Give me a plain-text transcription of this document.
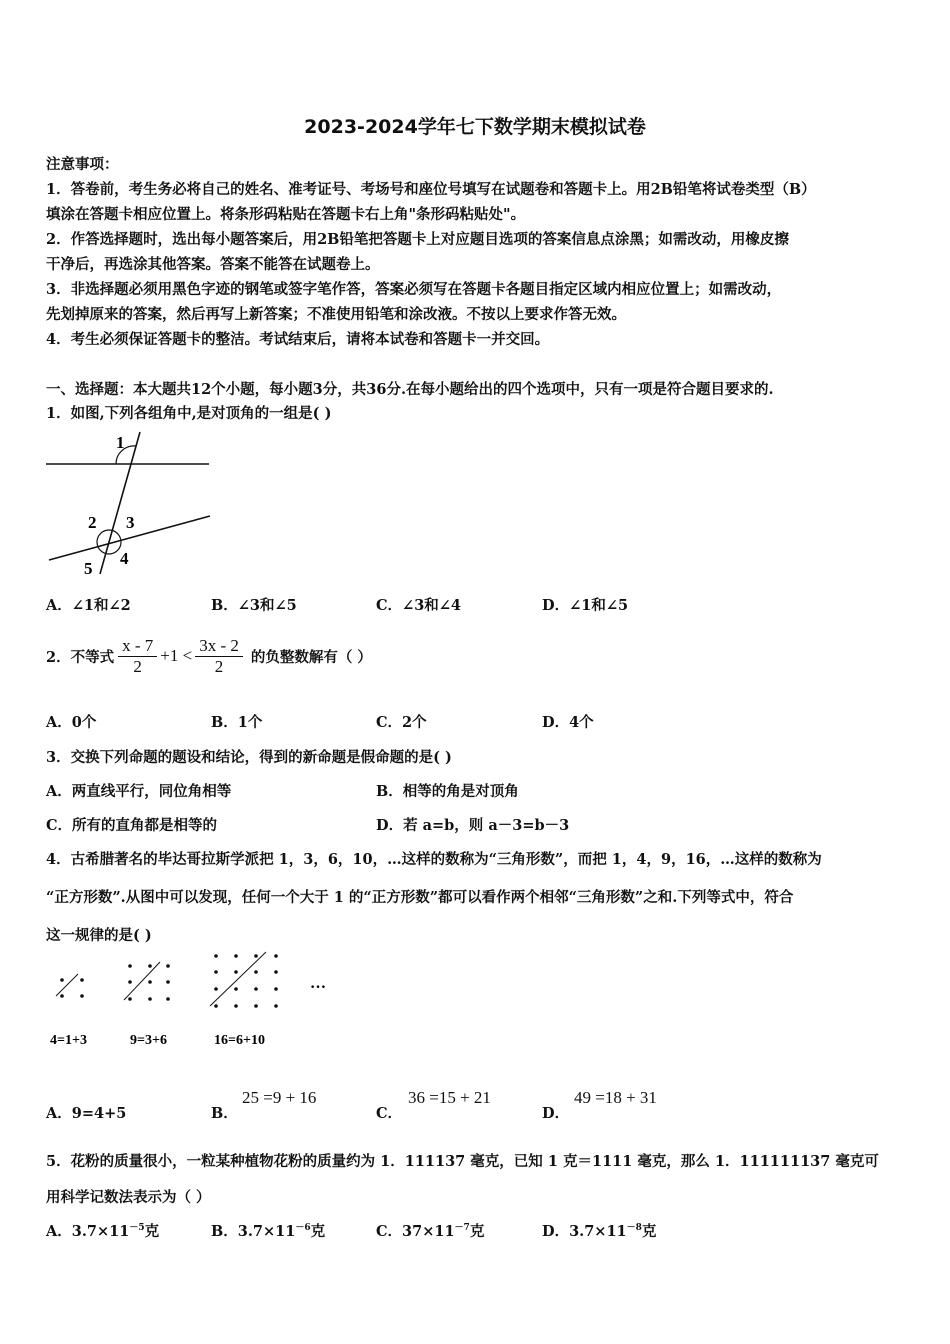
2023-2024学年七下数学期末模拟试卷
注意事项：
1．答卷前，考生务必将自己的姓名、准考证号、考场号和座位号填写在试题卷和答题卡上。用2B铅笔将试卷类型（B）
填涂在答题卡相应位置上。将条形码粘贴在答题卡右上角"条形码粘贴处"。
2．作答选择题时，选出每小题答案后，用2B铅笔把答题卡上对应题目选项的答案信息点涂黑；如需改动，用橡皮擦
干净后，再选涂其他答案。答案不能答在试题卷上。
3．非选择题必须用黑色字迹的钢笔或签字笔作答，答案必须写在答题卡各题目指定区域内相应位置上；如需改动，
先划掉原来的答案，然后再写上新答案；不准使用铅笔和涂改液。不按以上要求作答无效。
4．考生必须保证答题卡的整洁。考试结束后，请将本试卷和答题卡一并交回。
一、选择题：本大题共12个小题，每小题3分，共36分.在每小题给出的四个选项中，只有一项是符合题目要求的.
1．如图,下列各组角中,是对顶角的一组是( )
1
2 3
4
5
A．∠1和∠2	B．∠3和∠5	C．∠3和∠4	D．∠1和∠5
2．不等式 $\frac{x - 7}{2} +1 < \frac{3x - 2}{2}$ 的负整数解有（ ）
A．0个	B．1个	C．2个	D．4个
3．交换下列命题的题设和结论，得到的新命题是假命题的是( )
A．两直线平行，同位角相等	B．相等的角是对顶角
C．所有的直角都是相等的	D．若 a=b，则 a－3=b－3
4．古希腊著名的毕达哥拉斯学派把 1，3，6，10，…这样的数称为“三角形数”，而把 1，4，9，16，…这样的数称为
“正方形数”.从图中可以发现，任何一个大于 1 的“正方形数”都可以看作两个相邻“三角形数”之和.下列等式中，符合
这一规律的是( )
…
4=1+3	9=3+6	16=6+10
A．9=4+5	B．
25 =9 + 16
C．
36 =15 + 21
D．
49 =18 + 31
5．花粉的质量很小，一粒某种植物花粉的质量约为 1．111137 毫克，已知 1 克＝1111 毫克，那么 1．111111137 毫克可
用科学记数法表示为（ ）
A．$3.7\times 11^{-5}$克	B．$3.7\times 11^{-6}$克	C．$37\times 11^{-7}$克	D．$3.7\times 11^{-8}$克
